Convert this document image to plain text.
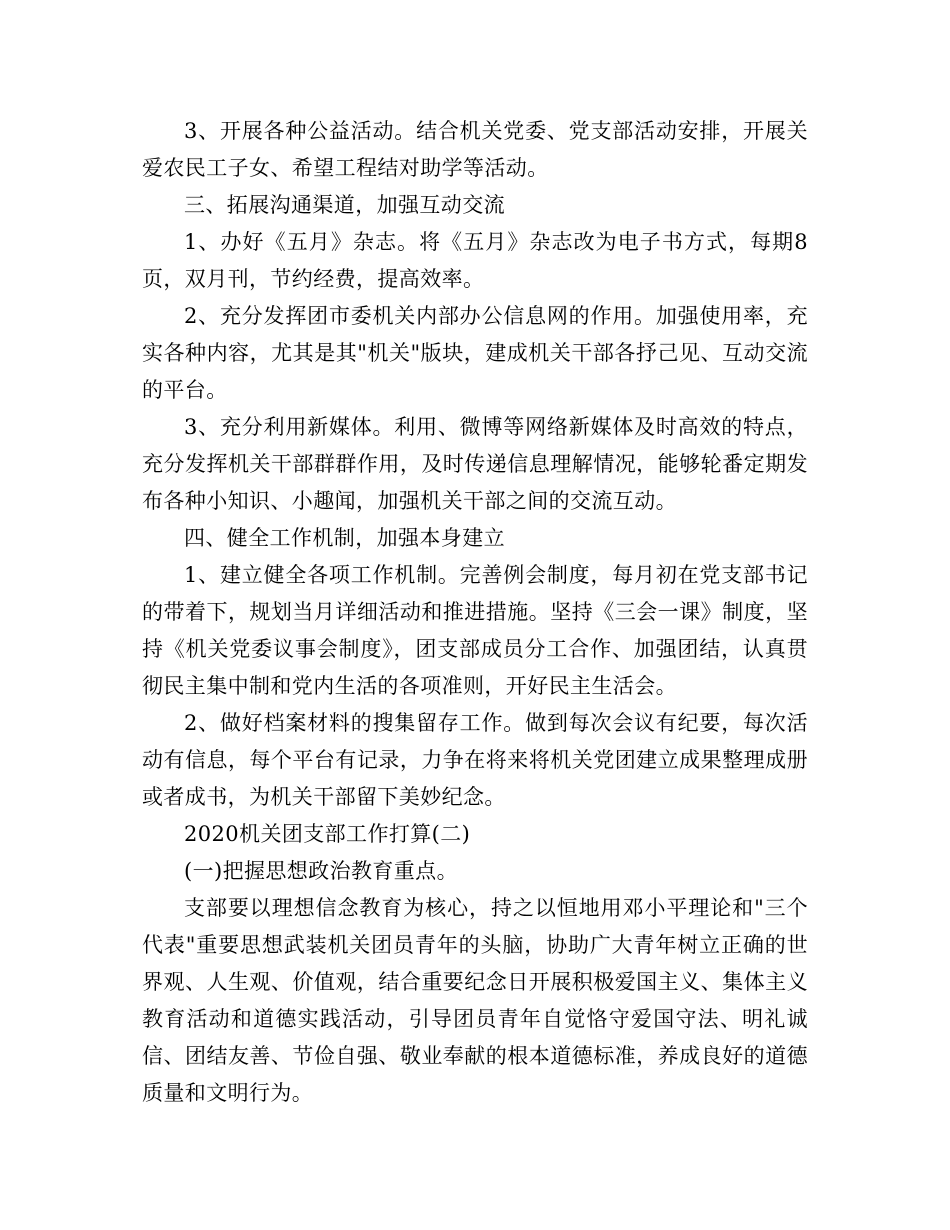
3、开展各种公益活动。结合机关党委、党支部活动安排，开展关爱农民工子女、希望工程结对助学等活动。

三、拓展沟通渠道，加强互动交流

1、办好《五月》杂志。将《五月》杂志改为电子书方式，每期8页，双月刊，节约经费，提高效率。

2、充分发挥团市委机关内部办公信息网的作用。加强使用率，充实各种内容，尤其是其"机关"版块，建成机关干部各抒己见、互动交流的平台。

3、充分利用新媒体。利用、微博等网络新媒体及时高效的特点，充分发挥机关干部群群作用，及时传递信息理解情况，能够轮番定期发布各种小知识、小趣闻，加强机关干部之间的交流互动。

四、健全工作机制，加强本身建立

1、建立健全各项工作机制。完善例会制度，每月初在党支部书记的带着下，规划当月详细活动和推进措施。坚持《三会一课》制度，坚持《机关党委议事会制度》，团支部成员分工合作、加强团结，认真贯彻民主集中制和党内生活的各项准则，开好民主生活会。

2、做好档案材料的搜集留存工作。做到每次会议有纪要，每次活动有信息，每个平台有记录，力争在将来将机关党团建立成果整理成册或者成书，为机关干部留下美妙纪念。

2020机关团支部工作打算(二)

(一)把握思想政治教育重点。

支部要以理想信念教育为核心，持之以恒地用邓小平理论和"三个代表"重要思想武装机关团员青年的头脑，协助广大青年树立正确的世界观、人生观、价值观，结合重要纪念日开展积极爱国主义、集体主义教育活动和道德实践活动，引导团员青年自觉恪守爱国守法、明礼诚信、团结友善、节俭自强、敬业奉献的根本道德标准，养成良好的道德质量和文明行为。
